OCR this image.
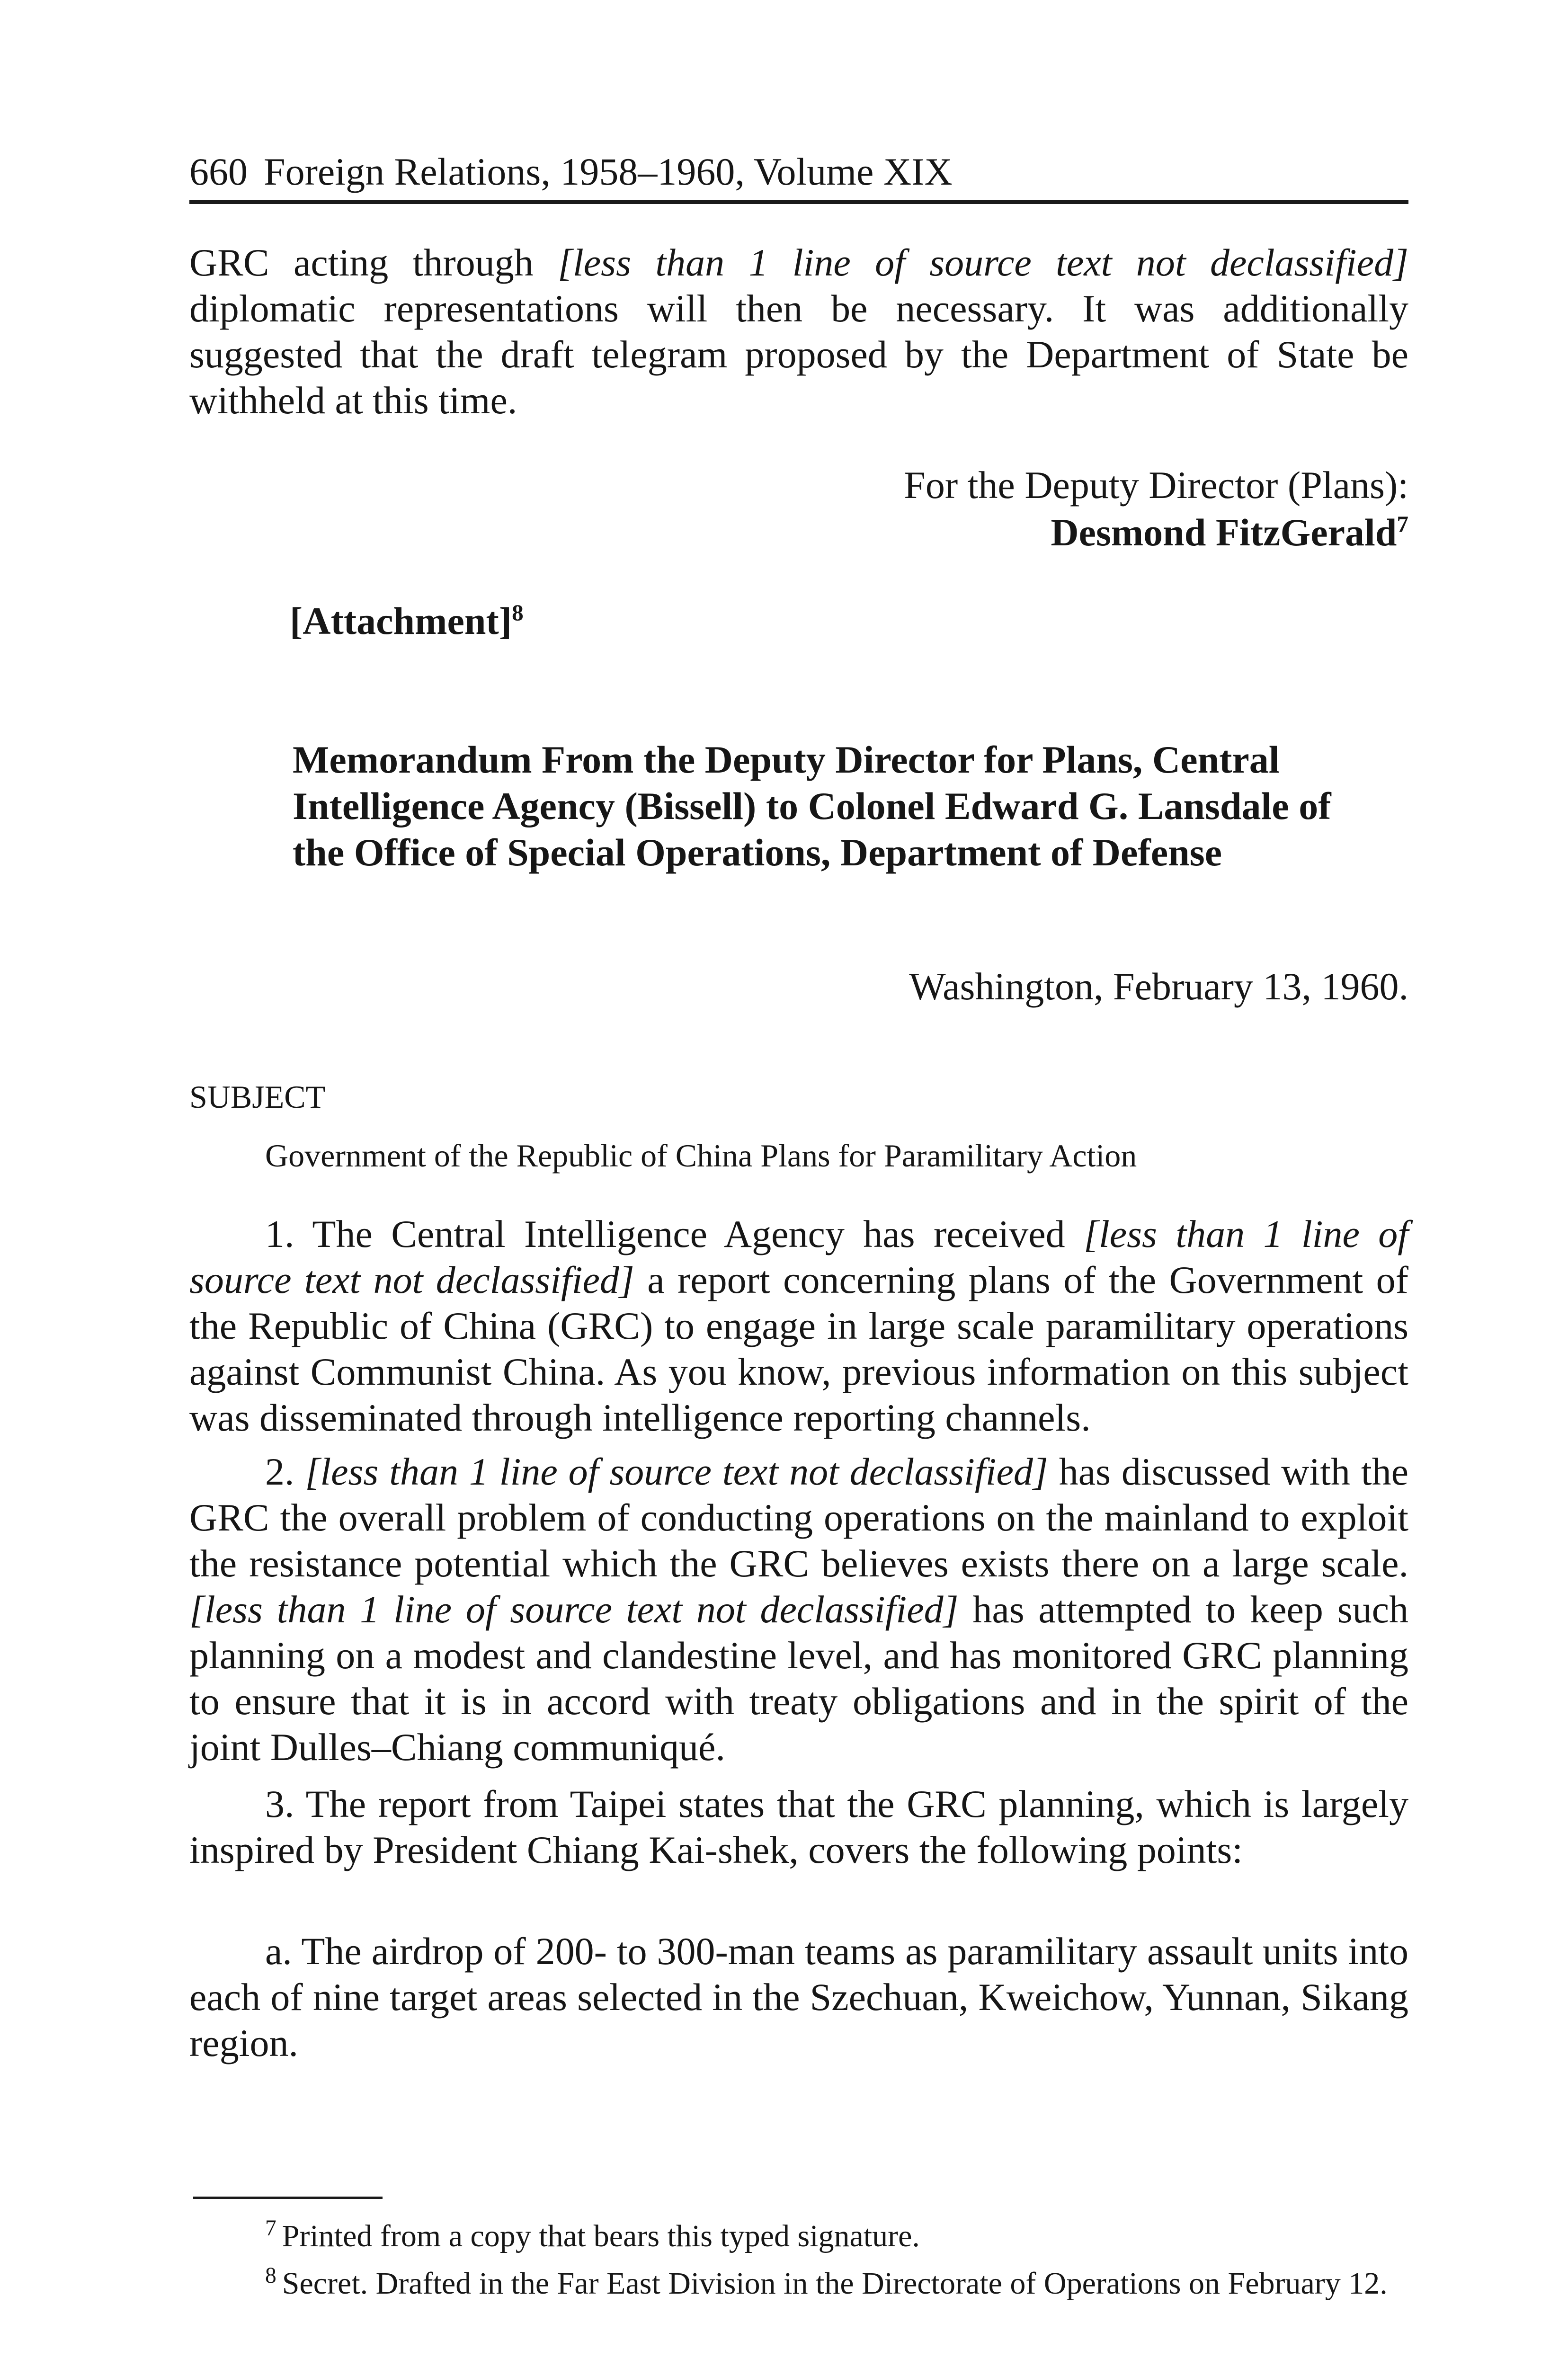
660 Foreign Relations, 1958–1960, Volume XIX
GRC acting through [less than 1 line of source text not declassified] diplomatic representations will then be necessary. It was additionally suggested that the draft telegram proposed by the Department of State be withheld at this time.
For the Deputy Director (Plans):
Desmond FitzGerald$^7$
[Attachment]$^8$
Memorandum From the Deputy Director for Plans, Central Intelligence Agency (Bissell) to Colonel Edward G. Lansdale of the Office of Special Operations, Department of Defense
Washington, February 13, 1960.
SUBJECT
Government of the Republic of China Plans for Paramilitary Action
1. The Central Intelligence Agency has received [less than 1 line of source text not declassified] a report concerning plans of the Government of the Republic of China (GRC) to engage in large scale paramilitary operations against Communist China. As you know, previous information on this subject was disseminated through intelligence reporting channels.
2. [less than 1 line of source text not declassified] has discussed with the GRC the overall problem of conducting operations on the mainland to exploit the resistance potential which the GRC believes exists there on a large scale. [less than 1 line of source text not declassified] has attempted to keep such planning on a modest and clandestine level, and has monitored GRC planning to ensure that it is in accord with treaty obligations and in the spirit of the joint Dulles–Chiang communiqué.
3. The report from Taipei states that the GRC planning, which is largely inspired by President Chiang Kai-shek, covers the following points:
a. The airdrop of 200- to 300-man teams as paramilitary assault units into each of nine target areas selected in the Szechuan, Kweichow, Yunnan, Sikang region.
$^7$ Printed from a copy that bears this typed signature.
$^8$ Secret. Drafted in the Far East Division in the Directorate of Operations on February 12.
